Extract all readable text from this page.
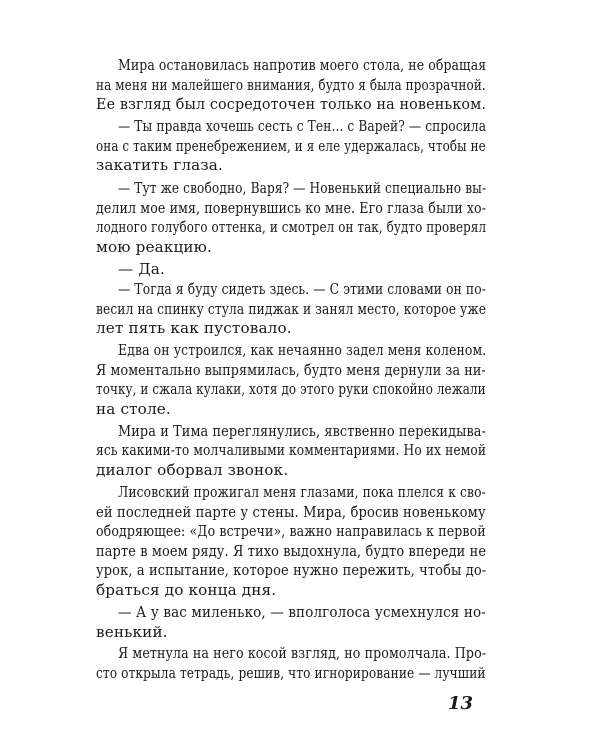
Мира остановилась напротив моего стола, не обращая
на меня ни малейшего внимания, будто я была прозрачной.
Ее взгляд был сосредоточен только на новеньком.
— Ты правда хочешь сесть с Тен... с Варей? — спросила
она с таким пренебрежением, и я еле удержалась, чтобы не
закатить глаза.
— Тут же свободно, Варя? — Новенький специально вы-
делил мое имя, повернувшись ко мне. Его глаза были хо-
лодного голубого оттенка, и смотрел он так, будто проверял
мою реакцию.
— Да.
— Тогда я буду сидеть здесь. — С этими словами он по-
весил на спинку стула пиджак и занял место, которое уже
лет пять как пустовало.
Едва он устроился, как нечаянно задел меня коленом.
Я моментально выпрямилась, будто меня дернули за ни-
точку, и сжала кулаки, хотя до этого руки спокойно лежали
на столе.
Мира и Тима переглянулись, явственно перекидыва-
ясь какими-то молчаливыми комментариями. Но их немой
диалог оборвал звонок.
Лисовский прожигал меня глазами, пока плелся к сво-
ей последней парте у стены. Мира, бросив новенькому
ободряющее: «До встречи», важно направилась к первой
парте в моем ряду. Я тихо выдохнула, будто впереди не
урок, а испытание, которое нужно пережить, чтобы до-
браться до конца дня.
— А у вас миленько, — вполголоса усмехнулся но-
венький.
Я метнула на него косой взгляд, но промолчала. Про-
сто открыла тетрадь, решив, что игнорирование — лучший
13
